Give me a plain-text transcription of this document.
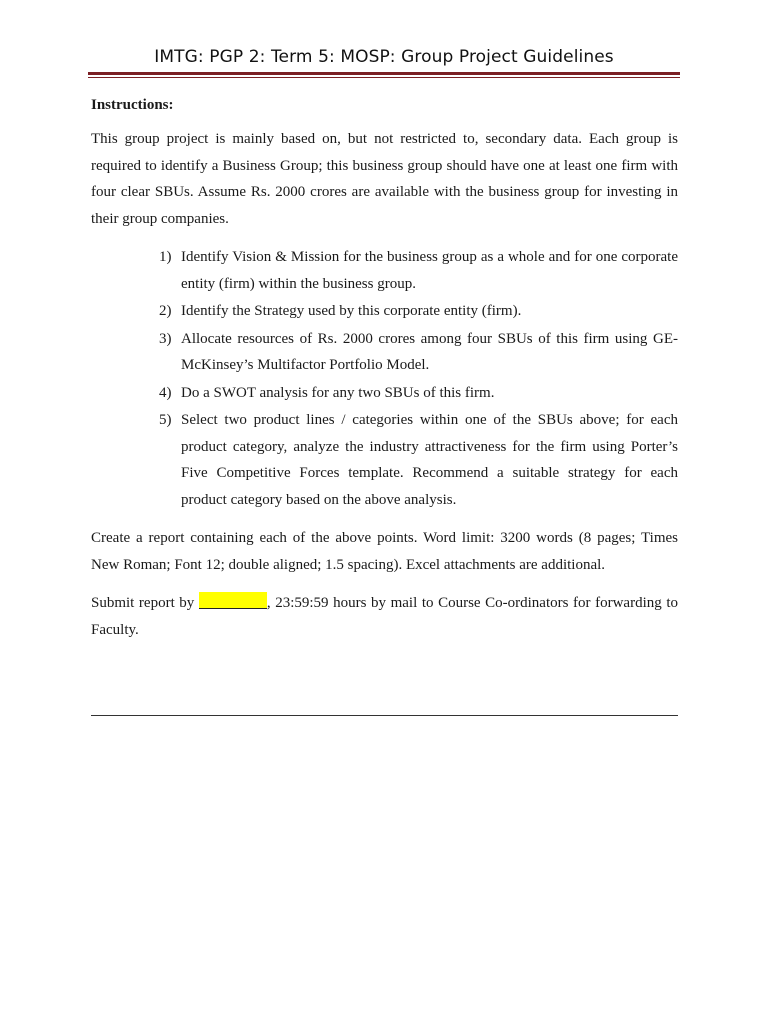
IMTG: PGP 2: Term 5: MOSP: Group Project Guidelines
Instructions:

This group project is mainly based on, but not restricted to, secondary data. Each group is required to identify a Business Group; this business group should have one at least one firm with four clear SBUs. Assume Rs. 2000 crores are available with the business group for investing in their group companies.

1) Identify Vision & Mission for the business group as a whole and for one corporate entity (firm) within the business group.
2) Identify the Strategy used by this corporate entity (firm).
3) Allocate resources of Rs. 2000 crores among four SBUs of this firm using GE-McKinsey’s Multifactor Portfolio Model.
4) Do a SWOT analysis for any two SBUs of this firm.
5) Select two product lines / categories within one of the SBUs above; for each product category, analyze the industry attractiveness for the firm using Porter’s Five Competitive Forces template. Recommend a suitable strategy for each product category based on the above analysis.

Create a report containing each of the above points. Word limit: 3200 words (8 pages; Times New Roman; Font 12; double aligned; 1.5 spacing). Excel attachments are additional.

Submit report by	, 23:59:59 hours by mail to Course Co-ordinators for forwarding to Faculty.
